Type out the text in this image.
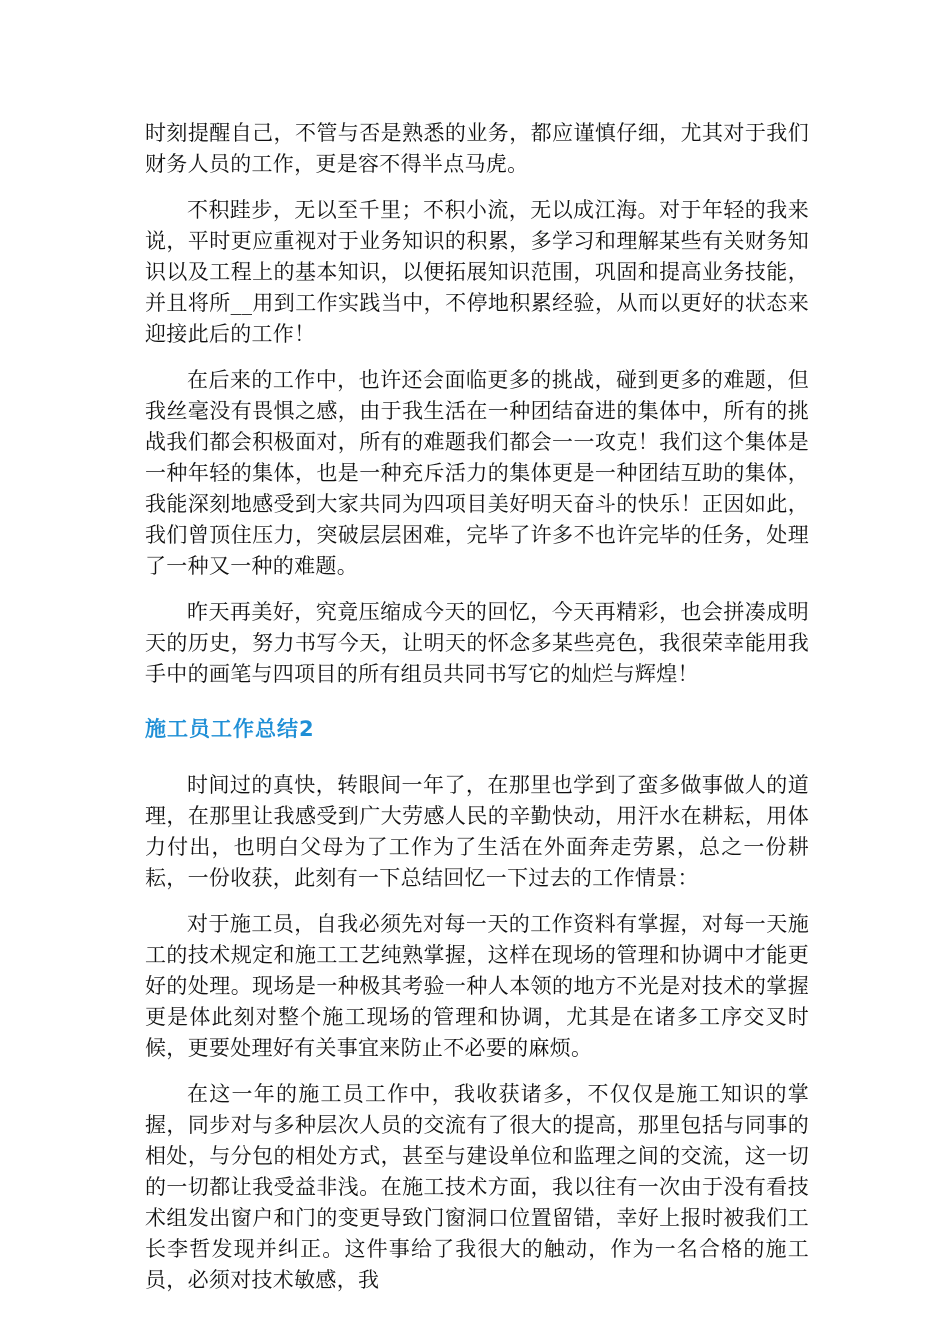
时刻提醒自己，不管与否是熟悉的业务，都应谨慎仔细，尤其对于我们财务人员的工作，更是容不得半点马虎。

不积跬步，无以至千里；不积小流，无以成江海。对于年轻的我来说，平时更应重视对于业务知识的积累，多学习和理解某些有关财务知识以及工程上的基本知识，以便拓展知识范围，巩固和提高业务技能，并且将所__用到工作实践当中，不停地积累经验，从而以更好的状态来迎接此后的工作！

在后来的工作中，也许还会面临更多的挑战，碰到更多的难题，但我丝毫没有畏惧之感，由于我生活在一种团结奋进的集体中，所有的挑战我们都会积极面对，所有的难题我们都会一一攻克！我们这个集体是一种年轻的集体，也是一种充斥活力的集体更是一种团结互助的集体，我能深刻地感受到大家共同为四项目美好明天奋斗的快乐！正因如此，我们曾顶住压力，突破层层困难，完毕了许多不也许完毕的任务，处理了一种又一种的难题。

昨天再美好，究竟压缩成今天的回忆，今天再精彩，也会拼凑成明天的历史，努力书写今天，让明天的怀念多某些亮色，我很荣幸能用我手中的画笔与四项目的所有组员共同书写它的灿烂与辉煌！

施工员工作总结2

时间过的真快，转眼间一年了，在那里也学到了蛮多做事做人的道理，在那里让我感受到广大劳感人民的辛勤快动，用汗水在耕耘，用体力付出，也明白父母为了工作为了生活在外面奔走劳累，总之一份耕耘，一份收获，此刻有一下总结回忆一下过去的工作情景：

对于施工员，自我必须先对每一天的工作资料有掌握，对每一天施工的技术规定和施工工艺纯熟掌握，这样在现场的管理和协调中才能更好的处理。现场是一种极其考验一种人本领的地方不光是对技术的掌握更是体此刻对整个施工现场的管理和协调，尤其是在诸多工序交叉时候，更要处理好有关事宜来防止不必要的麻烦。

在这一年的施工员工作中，我收获诸多，不仅仅是施工知识的掌握，同步对与多种层次人员的交流有了很大的提高，那里包括与同事的相处，与分包的相处方式，甚至与建设单位和监理之间的交流，这一切的一切都让我受益非浅。在施工技术方面，我以往有一次由于没有看技术组发出窗户和门的变更导致门窗洞口位置留错，幸好上报时被我们工长李哲发现并纠正。这件事给了我很大的触动，作为一名合格的施工员，必须对技术敏感，我
